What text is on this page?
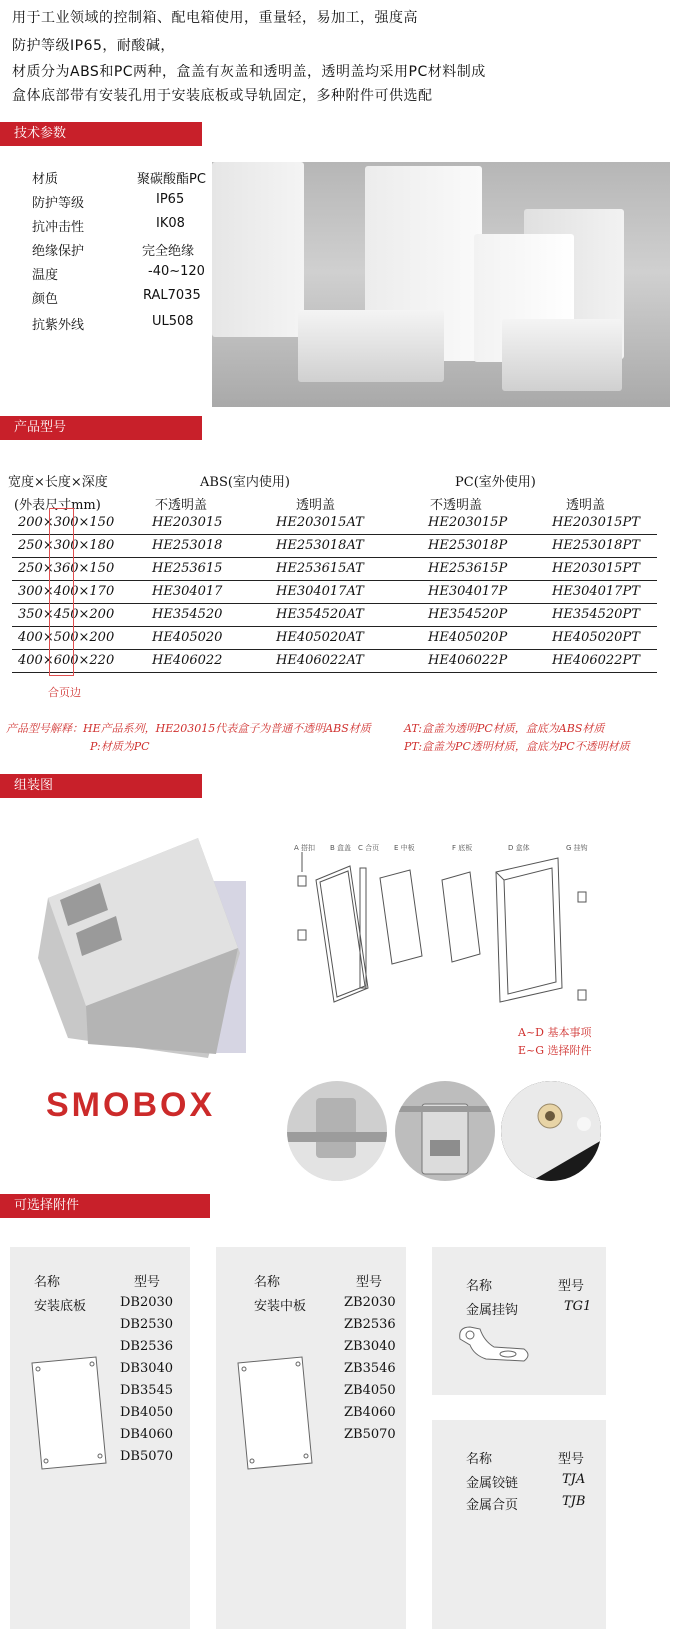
用于工业领域的控制箱、配电箱使用，重量轻，易加工，强度高
防护等级IP65，耐酸碱，
材质分为ABS和PC两种，盒盖有灰盖和透明盖，透明盖均采用PC材料制成
盒体底部带有安装孔用于安装底板或导轨固定，多种附件可供选配
技术参数
材质	聚碳酸酯PC
防护等级	IP65
抗冲击性	IK08
绝缘保护	完全绝缘
温度	-40~120
颜色	RAL7035
抗紫外线	UL508
产品型号
宽度×长度×深度
(外表尺寸mm)
ABS(室内使用)	PC(室外使用)
不透明盖	透明盖	不透明盖	透明盖
200×300×150	HE203015	HE203015AT	HE203015P	HE203015PT
250×300×180	HE253018	HE253018AT	HE253018P	HE253018PT
250×360×150	HE253615	HE253615AT	HE253615P	HE203015PT
300×400×170	HE304017	HE304017AT	HE304017P	HE304017PT
350×450×200	HE354520	HE354520AT	HE354520P	HE354520PT
400×500×200	HE405020	HE405020AT	HE405020P	HE405020PT
400×600×220	HE406022	HE406022AT	HE406022P	HE406022PT
合页边
产品型号解释：HE产品系列，HE203015代表盒子为普通不透明ABS材质
P:材质为PC
AT:盒盖为透明PC材质，盒底为ABS材质
PT:盒盖为PC透明材质，盒底为PC不透明材质
组装图
A 搭扣 B 盒盖 C 合页 E 中板	F 底板	D 盒体	G 挂钩
A~D 基本事项
E~G 选择附件
SMOBOX
可选择附件
名称	型号
安装底板	DB2030
DB2530
DB2536
DB3040
DB3545
DB4050
DB4060
DB5070
名称	型号
安装中板	ZB2030
ZB2536
ZB3040
ZB3546
ZB4050
ZB4060
ZB5070
名称	型号
金属挂钩	TG1
名称	型号
金属铰链	TJA
金属合页	TJB
